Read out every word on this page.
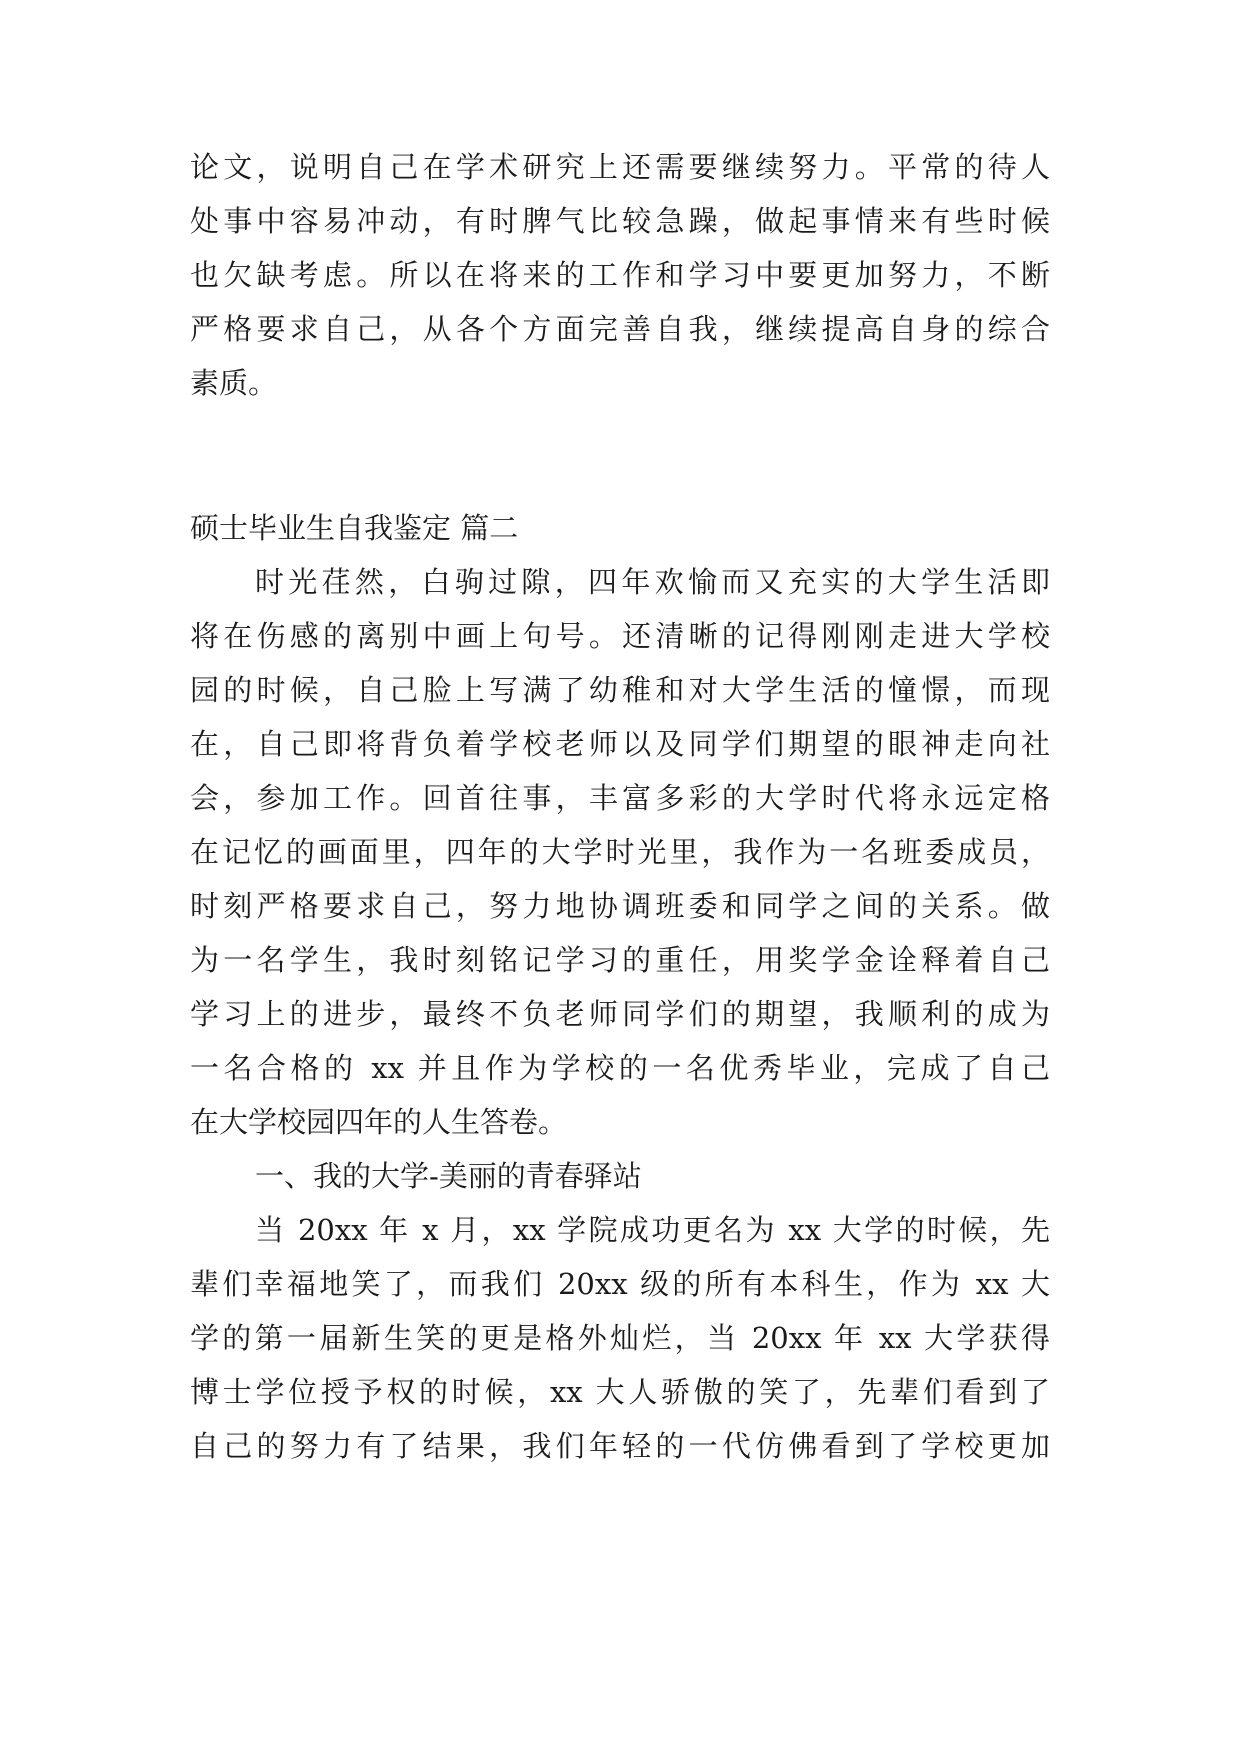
论文，说明自己在学术研究上还需要继续努力。平常的待人
处事中容易冲动，有时脾气比较急躁，做起事情来有些时候
也欠缺考虑。所以在将来的工作和学习中要更加努力，不断
严格要求自己，从各个方面完善自我，继续提高自身的综合
素质。
硕士毕业生自我鉴定 篇二
时光荏然，白驹过隙，四年欢愉而又充实的大学生活即
将在伤感的离别中画上句号。还清晰的记得刚刚走进大学校
园的时候，自己脸上写满了幼稚和对大学生活的憧憬，而现
在，自己即将背负着学校老师以及同学们期望的眼神走向社
会，参加工作。回首往事，丰富多彩的大学时代将永远定格
在记忆的画面里，四年的大学时光里，我作为一名班委成员，
时刻严格要求自己，努力地协调班委和同学之间的关系。做
为一名学生，我时刻铭记学习的重任，用奖学金诠释着自己
学习上的进步，最终不负老师同学们的期望，我顺利的成为
一名合格的 xx 并且作为学校的一名优秀毕业，完成了自己
在大学校园四年的人生答卷。
一、我的大学-美丽的青春驿站
当 20xx 年 x 月，xx 学院成功更名为 xx 大学的时候，先
辈们幸福地笑了，而我们 20xx 级的所有本科生，作为 xx 大
学的第一届新生笑的更是格外灿烂，当 20xx 年 xx 大学获得
博士学位授予权的时候，xx 大人骄傲的笑了，先辈们看到了
自己的努力有了结果，我们年轻的一代仿佛看到了学校更加
